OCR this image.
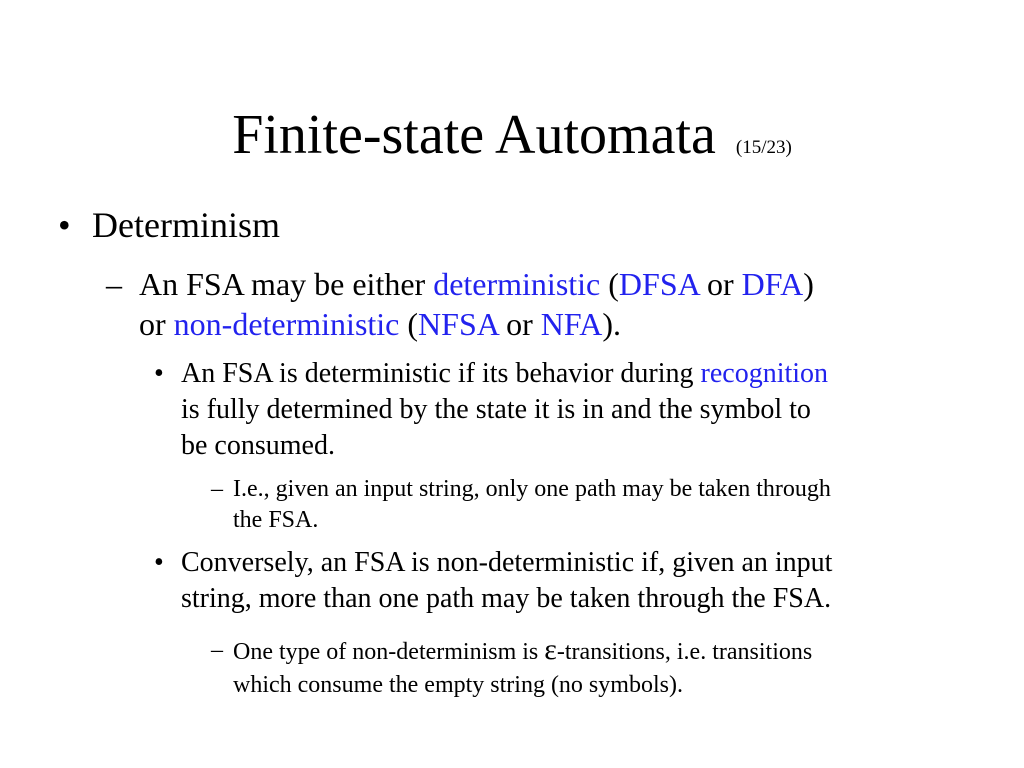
Finite-state Automata (15/23)
• Determinism
– An FSA may be either deterministic (DFSA or DFA)
or non-deterministic (NFSA or NFA).
• An FSA is deterministic if its behavior during recognition
is fully determined by the state it is in and the symbol to
be consumed.
– I.e., given an input string, only one path may be taken through
the FSA.
• Conversely, an FSA is non-deterministic if, given an input
string, more than one path may be taken through the FSA.
– One type of non-determinism is ε-transitions, i.e. transitions
which consume the empty string (no symbols).
